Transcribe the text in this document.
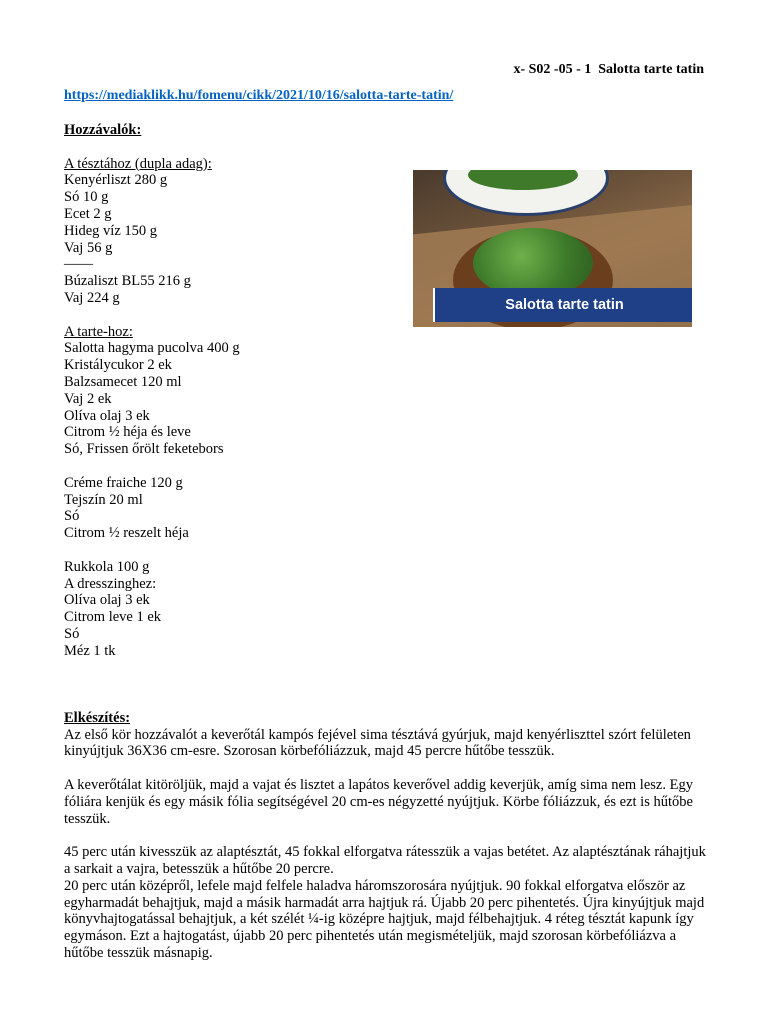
x- S02 -05 - 1  Salotta tarte tatin
https://mediaklikk.hu/fomenu/cikk/2021/10/16/salotta-tarte-tatin/
Salotta tarte tatin
Hozzávalók:
A tésztához (dupla adag):
Kenyérliszt 280 g
Só 10 g
Ecet 2 g
Hideg víz 150 g
Vaj 56 g
——
Búzaliszt BL55 216 g
Vaj 224 g
A tarte-hoz:
Salotta hagyma pucolva 400 g
Kristálycukor 2 ek
Balzsamecet 120 ml
Vaj 2 ek
Olíva olaj 3 ek
Citrom ½ héja és leve
Só, Frissen őrölt feketebors
Créme fraiche 120 g
Tejszín 20 ml
Só
Citrom ½ reszelt héja
Rukkola 100 g
A dresszinghez:
Olíva olaj 3 ek
Citrom leve 1 ek
Só
Méz 1 tk
Elkészítés:
Az első kör hozzávalót a keverőtál kampós fejével sima tésztává gyúrjuk, majd kenyérliszttel szórt felületen kinyújtjuk 36X36 cm-esre. Szorosan körbefóliázzuk, majd 45 percre hűtőbe tesszük.
A keverőtálat kitöröljük, majd a vajat és lisztet a lapátos keverővel addig keverjük, amíg sima nem lesz. Egy fóliára kenjük és egy másik fólia segítségével 20 cm-es négyzetté nyújtjuk. Körbe fóliázzuk, és ezt is hűtőbe tesszük.
45 perc után kivesszük az alaptésztát, 45 fokkal elforgatva rátesszük a vajas betétet. Az alaptésztának ráhajtjuk a sarkait a vajra, betesszük a hűtőbe 20 percre.
20 perc után középről, lefele majd felfele haladva háromszorosára nyújtjuk. 90 fokkal elforgatva először az egyharmadát behajtjuk, majd a másik harmadát arra hajtjuk rá. Újabb 20 perc pihentetés. Újra kinyújtjuk majd könyvhajtogatással behajtjuk, a két szélét ¼-ig középre hajtjuk, majd félbehajtjuk. 4 réteg tésztát kapunk így egymáson. Ezt a hajtogatást, újabb 20 perc pihentetés után megismételjük, majd szorosan körbefóliázva a hűtőbe tesszük másnapig.
